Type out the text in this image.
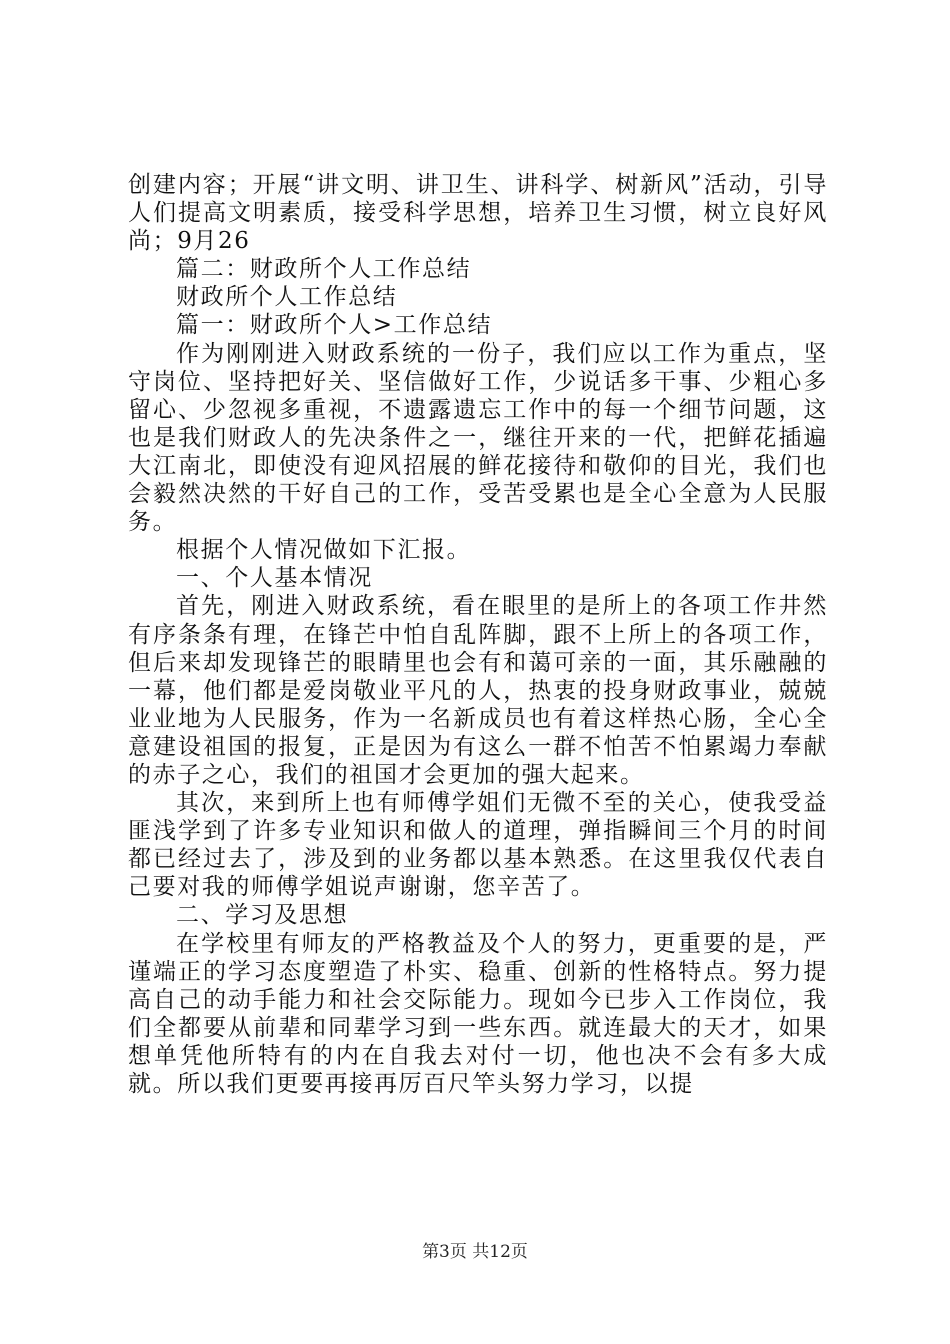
创建内容；开展“讲文明、讲卫生、讲科学、树新风”活动，引导人们提高文明素质，接受科学思想，培养卫生习惯，树立良好风尚；9月26

篇二：财政所个人工作总结

财政所个人工作总结

篇一：财政所个人>工作总结

作为刚刚进入财政系统的一份子，我们应以工作为重点，坚守岗位、坚持把好关、坚信做好工作，少说话多干事、少粗心多留心、少忽视多重视，不遗露遗忘工作中的每一个细节问题，这也是我们财政人的先决条件之一，继往开来的一代，把鲜花插遍大江南北，即使没有迎风招展的鲜花接待和敬仰的目光，我们也会毅然决然的干好自己的工作，受苦受累也是全心全意为人民服务。

根据个人情况做如下汇报。

一、个人基本情况

首先，刚进入财政系统，看在眼里的是所上的各项工作井然有序条条有理，在锋芒中怕自乱阵脚，跟不上所上的各项工作，但后来却发现锋芒的眼睛里也会有和蔼可亲的一面，其乐融融的一幕，他们都是爱岗敬业平凡的人，热衷的投身财政事业，兢兢业业地为人民服务，作为一名新成员也有着这样热心肠，全心全意建设祖国的报复，正是因为有这么一群不怕苦不怕累竭力奉献的赤子之心，我们的祖国才会更加的强大起来。

其次，来到所上也有师傅学姐们无微不至的关心，使我受益匪浅学到了许多专业知识和做人的道理，弹指瞬间三个月的时间都已经过去了，涉及到的业务都以基本熟悉。在这里我仅代表自己要对我的师傅学姐说声谢谢，您辛苦了。

二、学习及思想

在学校里有师友的严格教益及个人的努力，更重要的是，严谨端正的学习态度塑造了朴实、稳重、创新的性格特点。努力提高自己的动手能力和社会交际能力。现如今已步入工作岗位，我们全都要从前辈和同辈学习到一些东西。就连最大的天才，如果想单凭他所特有的内在自我去对付一切，他也决不会有多大成就。所以我们更要再接再厉百尺竿头努力学习，以提

第3页 共12页
